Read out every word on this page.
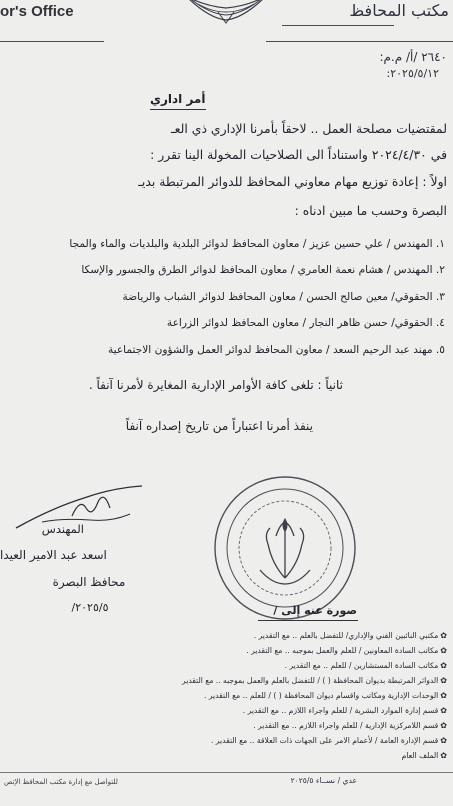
or's Office	مكتب المحافظ
٢٦٤٠ /أ/ م.م:
٢٠٢٥/٥/١٢:
أمر اداري
لمقتضيات مصلحة العمل .. لاحقاً بأمرنا الإداري ذي العـ
في ٢٠٢٤/٤/٣٠ واستناداً الى الصلاحيات المخولة الينا تقرر :
اولاً : إعادة توزيع مهام معاوني المحافظ للدوائر المرتبطة بديـ
البصرة وحسب ما مبين ادناه :
١. المهندس / علي حسين عزيز / معاون المحافظ لدوائر البلدية والبلديات والماء والمجا
٢. المهندس / هشام نعمة العامري / معاون المحافظ لدوائر الطرق والجسور والإسكا
٣. الحقوقي/ معين صالح الحسن / معاون المحافظ لدوائر الشباب والرياضة
٤. الحقوقي/ حسن ظاهر النجار / معاون المحافظ لدوائر الزراعة
٥. مهند عبد الرحيم السعد / معاون المحافظ لدوائر العمل والشؤون الاجتماعية
ثانياً : تلغى كافة الأوامر الإدارية المغايرة لأمرنا آنفاً .
ينفذ أمرنا اعتباراً من تاريخ إصداره آنفاً
المهندس
اسعد عبد الامير العيدا
محافظ البصرة
٢٠٢٥/٥/	صورة عنه إلى /
✿مكتبي النائبين الفني والإداري/ للتفضل بالعلم .. مع التقدير .
✿مكاتب السادة المعاونين / للعلم والعمل بموجبه .. مع التقدير .
✿مكاتب السادة المستشارين / للعلم .. مع التقدير .
✿الدوائر المرتبطة بديوان المحافظة ( ) / للتفضل بالعلم والعمل بموجبه .. مع التقدير
✿الوحدات الإدارية ومكاتب واقسام ديوان المحافظة ( ) / للعلم .. مع التقدير .
✿قسم إدارة الموارد البشرية / للعلم واجراء اللازم .. مع التقدير .
✿قسم اللامركزية الإدارية / للعلم واجراء اللازم .. مع التقدير .
✿قسم الإدارة العامة / لأعمام الامر على الجهات ذات العلاقة .. مع التقدير .
✿الملف العام
للتواصل مع إدارة مكتب المحافظ الإتص	عدي / نســاء ٢٠٢٥/٥
